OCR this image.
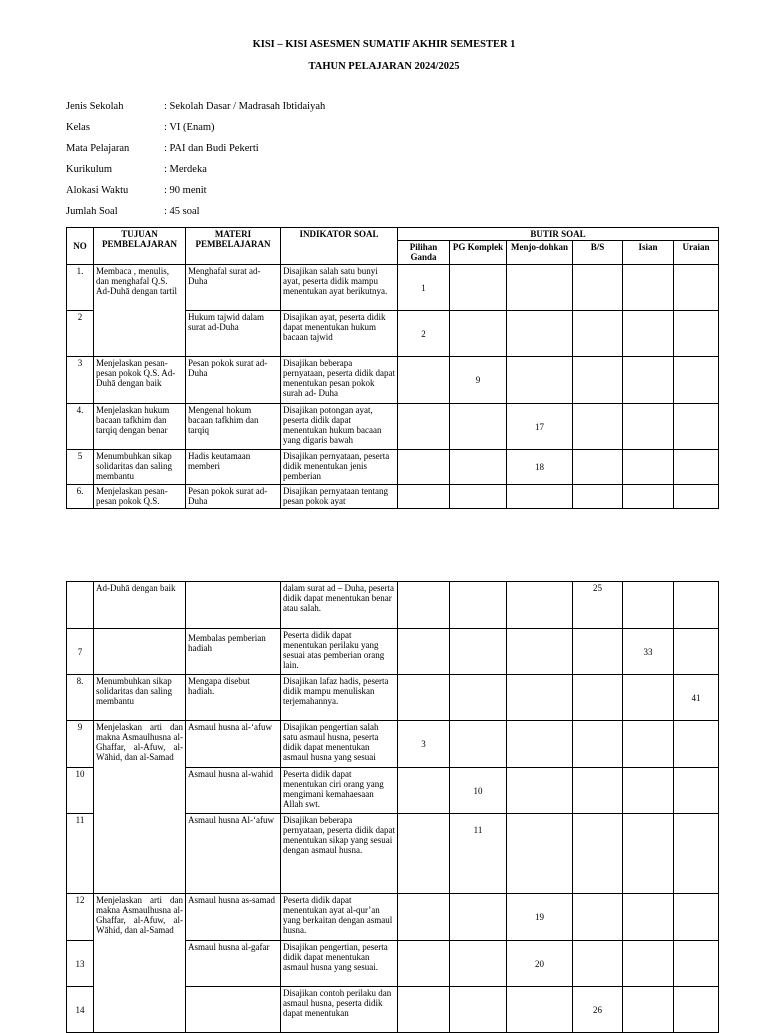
KISI – KISI ASESMEN SUMATIF AKHIR SEMESTER 1
TAHUN PELAJARAN 2024/2025
Jenis Sekolah	: Sekolah Dasar / Madrasah Ibtidaiyah
Kelas	: VI (Enam)
Mata Pelajaran	: PAI dan Budi Pekerti
Kurikulum	: Merdeka
Alokasi Waktu	: 90 menit
Jumlah Soal	: 45 soal
NO	TUJUAN PEMBELAJARAN	MATERI PEMBELAJARAN	INDIKATOR SOAL	BUTIR SOAL					
				Pilihan Ganda	PG Komplek	Menjo-dohkan	B/S	Isian	Uraian
1.	Membaca , menulis, dan menghafal Q.S. Ad-Duhā dengan tartil	Menghafal surat ad-Duha	Disajikan salah satu bunyi ayat, peserta didik mampu menentukan ayat berikutnya.	1					
2		Hukum tajwid dalam surat ad-Duha	Disajikan ayat, peserta didik dapat menentukan hukum bacaan tajwid	2					
3	Menjelaskan pesan-pesan pokok Q.S. Ad-Duhā dengan baik	Pesan pokok surat ad-Duha	Disajikan beberapa pernyataan, peserta didik dapat menentukan pesan pokok surah ad- Duha		9				
4.	Menjelaskan hukum bacaan tafkhim dan tarqiq dengan benar	Mengenal hokum bacaan tafkhim dan tarqiq	Disajikan potongan ayat, peserta didik dapat menentukan hukum bacaan yang digaris bawah			17			
5	Menumbuhkan sikap solidaritas dan saling membantu	Hadis keutamaan memberi	Disajikan pernyataan, peserta didik menentukan jenis pemberian			18			
6.	Menjelaskan pesan-pesan pokok Q.S.	Pesan pokok surat ad-Duha	Disajikan pernyataan tentang pesan pokok ayat						
	Ad-Duhā dengan baik		dalam surat ad – Duha, peserta didik dapat menentukan benar atau salah.				25		
7		Membalas pemberian hadiah	Peserta didik dapat menentukan perilaku yang sesuai atas pemberian orang lain.					33	
8.	Menumbuhkan sikap solidaritas dan saling membantu	Mengapa disebut hadiah.	Disajikan lafaz hadis, peserta didik mampu menuliskan terjemahannya.						41
9	Menjelaskan arti dan makna Asmaulhusna al-Ghaffar, al-Afuw, al-Wāhid, dan al-Samad	Asmaul husna al-‘afuw	Disajikan pengertian salah satu asmaul husna, peserta didik dapat menentukan asmaul husna yang sesuai	3					
10		Asmaul husna al-wahid	Peserta didik dapat menentukan ciri orang yang mengimani kemahaesaan Allah swt.		10				
11		Asmaul husna Al-‘afuw	Disajikan beberapa pernyataan, peserta didik dapat menentukan sikap yang sesuai dengan asmaul husna.		11				
12	Menjelaskan arti dan makna Asmaulhusna al-Ghaffar, al-Afuw, al-Wāhid, dan al-Samad	Asmaul husna as-samad	Peserta didik dapat menentukan ayat al-qur’an yang berkaitan dengan asmaul husna.			19			
13		Asmaul husna al-gafar	Disajikan pengertian, peserta didik dapat menentukan asmaul husna yang sesuai.			20			
14			Disajikan contoh perilaku dan asmaul husna, peserta didik dapat menentukan				26		
